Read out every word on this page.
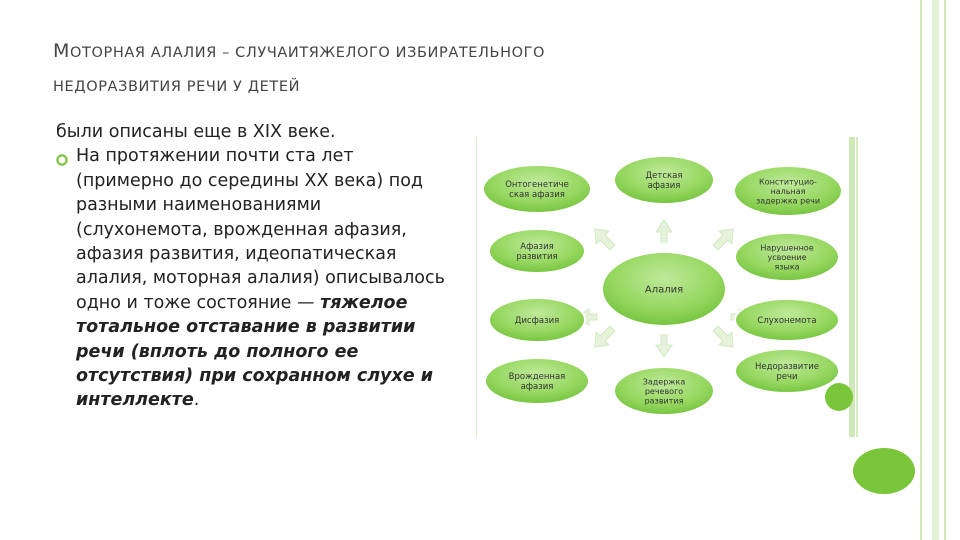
МОТОРНАЯ АЛАЛИЯ – СЛУЧАИТЯЖЕЛОГО ИЗБИРАТЕЛЬНОГО
НЕДОРАЗВИТИЯ РЕЧИ У ДЕТЕЙ
были описаны еще в XIX веке.
На протяжении почти ста лет (примерно до середины XX века) под разными наименованиями (слухонемота, врожденная афазия, афазия развития, идеопатическая алалия, моторная алалия) описывалось одно и тоже состояние — тяжелое тотальное отставание в развитии речи (вплоть до полного ее отсутствия) при сохранном слухе и интеллекте.
Алалия
Онтогенетиче
ская афазия
Детская
афазия	Конституцио-
нальная
задержка речи
Афазия
развития
Нарушенное
усвоение
языка
Дисфазия	Слухонемота
Врожденная
афазия
Задержка
речевого
развития
Недоразвитие
речи
